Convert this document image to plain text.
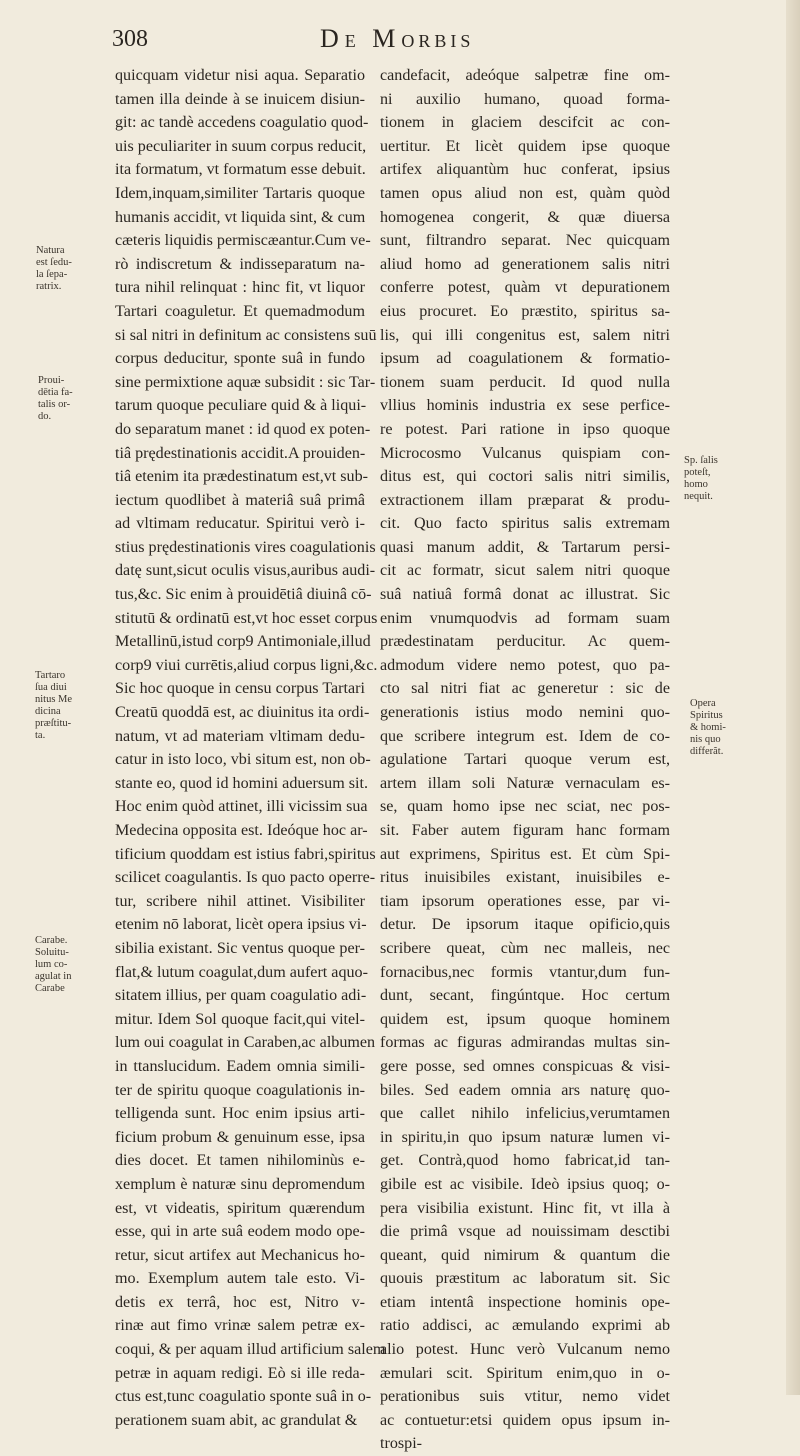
308	DE MORBIS
quicquam videtur nisi aqua. Separatio
tamen illa deinde à se inuicem disiun-
git: ac tandè accedens coagulatio quod-
uis peculiariter in suum corpus reducit,
ita formatum, vt formatum esse debuit.
Idem,inquam,similiter Tartaris quoque
humanis accidit, vt liquida sint, & cum
cæteris liquidis permiscæantur.Cum ve-
rò indiscretum & indisseparatum na-
tura nihil relinquat : hinc fit, vt liquor
Tartari coaguletur. Et quemadmodum
si sal nitri in definitum ac consistens suū
corpus deducitur, sponte suâ in fundo
sine permixtione aquæ subsidit : sic Tar-
tarum quoque peculiare quid & à liqui-
do separatum manet : id quod ex poten-
tiâ prędestinationis accidit.A prouiden-
tiâ etenim ita prædestinatum est,vt sub-
iectum quodlibet à materiâ suâ primâ
ad vltimam reducatur. Spiritui verò i-
stius prędestinationis vires coagulationis
datę sunt,sicut oculis visus,auribus audi-
tus,&c. Sic enim à prouidētiâ diuinâ cō-
stitutū & ordinatū est,vt hoc esset corpus
Metallinū,istud corp9 Antimoniale,illud
corp9 viui currētis,aliud corpus ligni,&c.
Sic hoc quoque in censu corpus Tartari
Creatū quoddā est, ac diuinitus ita ordi-
natum, vt ad materiam vltimam dedu-
catur in isto loco, vbi situm est, non ob-
stante eo, quod id homini aduersum sit.
Hoc enim quòd attinet, illi vicissim sua
Medecina opposita est. Ideóque hoc ar-
tificium quoddam est istius fabri,spiritus
scilicet coagulantis. Is quo pacto operre-
tur, scribere nihil attinet. Visibiliter
etenim nō laborat, licèt opera ipsius vi-
sibilia existant. Sic ventus quoque per-
flat,& lutum coagulat,dum aufert aquo-
sitatem illius, per quam coagulatio adi-
mitur. Idem Sol quoque facit,qui vitel-
lum oui coagulat in Caraben,ac albumen
in ttanslucidum. Eadem omnia simili-
ter de spiritu quoque coagulationis in-
telligenda sunt. Hoc enim ipsius arti-
ficium probum & genuinum esse, ipsa
dies docet. Et tamen nihilominùs e-
xemplum è naturæ sinu depromendum
est, vt videatis, spiritum quærendum
esse, qui in arte suâ eodem modo ope-
retur, sicut artifex aut Mechanicus ho-
mo. Exemplum autem tale esto. Vi-
detis ex terrâ, hoc est, Nitro v-
rinæ aut fimo vrinæ salem petræ ex-
coqui, & per aquam illud artificium salem
petræ in aquam redigi. Eò si ille reda-
ctus est,tunc coagulatio sponte suâ in o-
perationem suam abit, ac grandulat &
candefacit, adeóque salpetræ fine om-
ni auxilio humano, quoad forma-
tionem in glaciem descifcit ac con-
uertitur. Et licèt quidem ipse quoque
artifex aliquantùm huc conferat, ipsius
tamen opus aliud non est, quàm quòd
homogenea congerit, & quæ diuersa
sunt, filtrandro separat. Nec quicquam
aliud homo ad generationem salis nitri
conferre potest, quàm vt depurationem
eius procuret. Eo præstito, spiritus sa-
lis, qui illi congenitus est, salem nitri
ipsum ad coagulationem & formatio-
tionem suam perducit. Id quod nulla
vllius hominis industria ex sese perfice-
re potest. Pari ratione in ipso quoque
Microcosmo Vulcanus quispiam con-
ditus est, qui coctori salis nitri similis,
extractionem illam præparat & produ-
cit. Quo facto spiritus salis extremam
quasi manum addit, & Tartarum persi-
cit ac formatr, sicut salem nitri quoque
suâ natiuâ formâ donat ac illustrat. Sic
enim vnumquodvis ad formam suam
prædestinatam perducitur. Ac quem-
admodum videre nemo potest, quo pa-
cto sal nitri fiat ac generetur : sic de
generationis istius modo nemini quo-
que scribere integrum est. Idem de co-
agulatione Tartari quoque verum est,
artem illam soli Naturæ vernaculam es-
se, quam homo ipse nec sciat, nec pos-
sit. Faber autem figuram hanc formam
aut exprimens, Spiritus est. Et cùm Spi-
ritus inuisibiles existant, inuisibiles e-
tiam ipsorum operationes esse, par vi-
detur. De ipsorum itaque opificio,quis
scribere queat, cùm nec malleis, nec
fornacibus,nec formis vtantur,dum fun-
dunt, secant, fingúntque. Hoc certum
quidem est, ipsum quoque hominem
formas ac figuras admirandas multas sin-
gere posse, sed omnes conspicuas & visi-
biles. Sed eadem omnia ars naturę quo-
que callet nihilo infelicius,verumtamen
in spiritu,in quo ipsum naturæ lumen vi-
get. Contrà,quod homo fabricat,id tan-
gibile est ac visibile. Ideò ipsius quoq; o-
pera visibilia existunt. Hinc fit, vt illa à
die primâ vsque ad nouissimam desctibi
queant, quid nimirum & quantum die
quouis præstitum ac laboratum sit. Sic
etiam intentâ inspectione hominis ope-
ratio addisci, ac æmulando exprimi ab
alio potest. Hunc verò Vulcanum nemo
æmulari scit. Spiritum enim,quo in o-
perationibus suis vtitur, nemo videt
ac contuetur:etsi quidem opus ipsum in-
trospi-
Natura
est ſedu-
la ſepa-
ratrix.
Proui-
dētia fa-
talis or-
do.
Tartaro
ſua diui
nitus Me
dicina
præſtitu-
ta.
Carabe.
Soluitu-
lum co-
agulat in
Carabe
Sp. ſalis
poteſt,
homo
nequit.
Opera
Spiritus
& homi-
nis quo
differãt.
